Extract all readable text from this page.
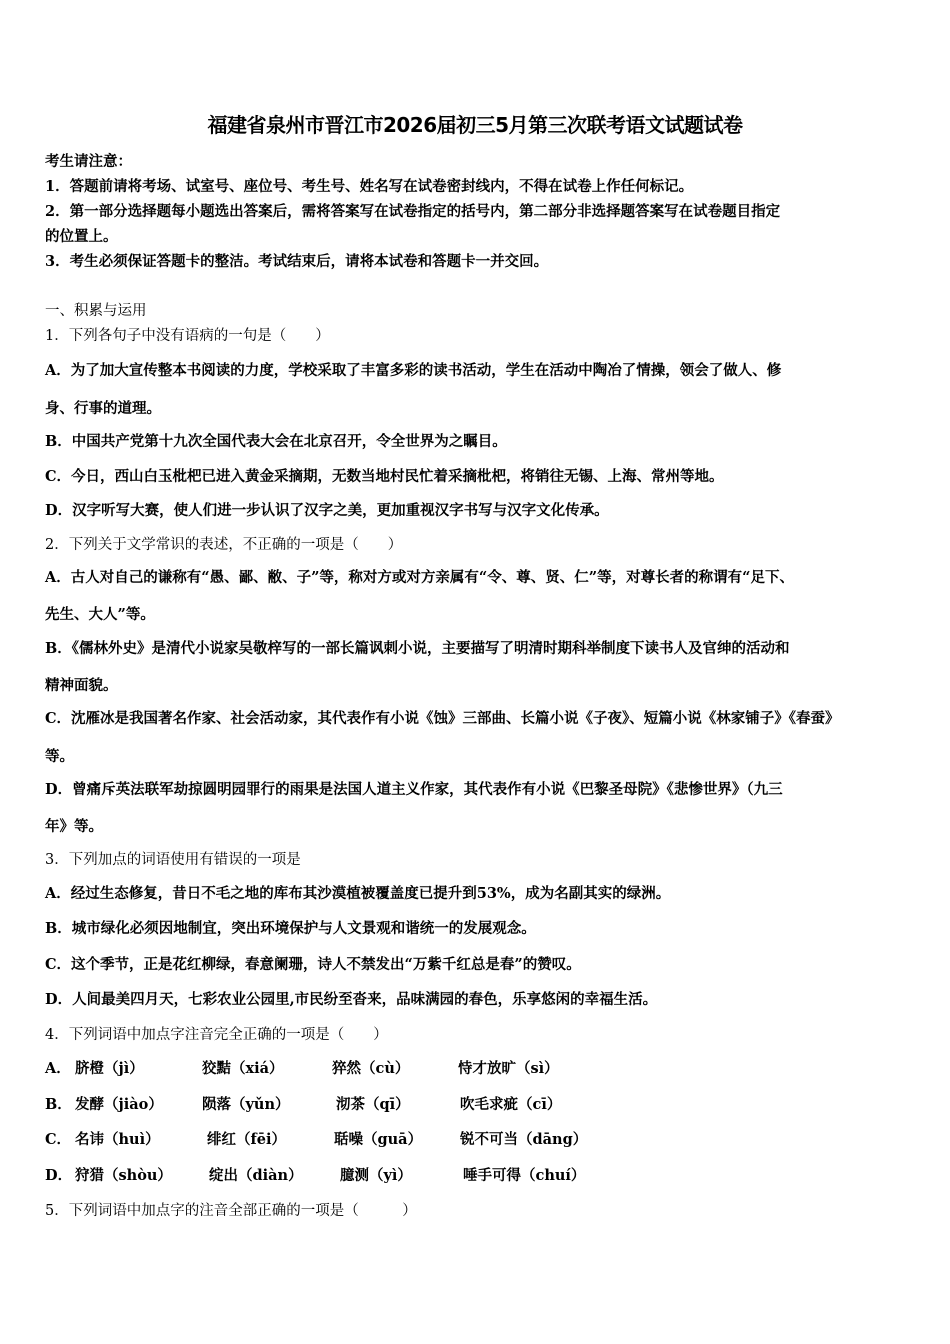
福建省泉州市晋江市2026届初三5月第三次联考语文试题试卷
考生请注意：
1．答题前请将考场、试室号、座位号、考生号、姓名写在试卷密封线内，不得在试卷上作任何标记。
2．第一部分选择题每小题选出答案后，需将答案写在试卷指定的括号内，第二部分非选择题答案写在试卷题目指定
的位置上。
3．考生必须保证答题卡的整洁。考试结束后，请将本试卷和答题卡一并交回。
一、积累与运用
1．下列各句子中没有语病的一句是（　　）
A．为了加大宣传整本书阅读的力度，学校采取了丰富多彩的读书活动，学生在活动中陶冶了情操，领会了做人、修
身、行事的道理。
B．中国共产党第十九次全国代表大会在北京召开，令全世界为之瞩目。
C．今日，西山白玉枇杷已进入黄金采摘期，无数当地村民忙着采摘枇杷，将销往无锡、上海、常州等地。
D．汉字听写大赛，使人们进一步认识了汉字之美，更加重视汉字书写与汉字文化传承。
2．下列关于文学常识的表述，不正确的一项是（　　）
A．古人对自己的谦称有“愚、鄙、敝、子”等，称对方或对方亲属有“令、尊、贤、仁”等，对尊长者的称谓有“足下、
先生、大人”等。
B．《儒林外史》是清代小说家吴敬梓写的一部长篇讽刺小说，主要描写了明清时期科举制度下读书人及官绅的活动和
精神面貌。
C．沈雁冰是我国著名作家、社会活动家，其代表作有小说《蚀》三部曲、长篇小说《子夜》、短篇小说《林家铺子》《春蚕》
等。
D．曾痛斥英法联军劫掠圆明园罪行的雨果是法国人道主义作家，其代表作有小说《巴黎圣母院》《悲惨世界》（九三
年》等。
3．下列加点的词语使用有错误的一项是
A．经过生态修复，昔日不毛之地的库布其沙漠植被覆盖度已提升到53%，成为名副其实的绿洲。
B．城市绿化必须因地制宜，突出环境保护与人文景观和谐统一的发展观念。
C．这个季节，正是花红柳绿，春意阑珊，诗人不禁发出“万紫千红总是春”的赞叹。
D．人间最美四月天，七彩农业公园里,市民纷至沓来，品味满园的春色，乐享悠闲的幸福生活。
4．下列词语中加点字注音完全正确的一项是（　　）
A． 脐橙（jì）	狡黠（xiá）	猝然（cù）	恃才放旷（sì）
B． 发酵（jiào）	陨落（yǔn）	沏茶（qī）	吹毛求疵（cī）
C． 名讳（huì）	绯红（fēi）	聒噪（guā）	锐不可当（dāng）
D． 狩猎（shòu）	绽出（diàn）	臆测（yì）	唾手可得（chuí）
5．下列词语中加点字的注音全部正确的一项是（　　　）
